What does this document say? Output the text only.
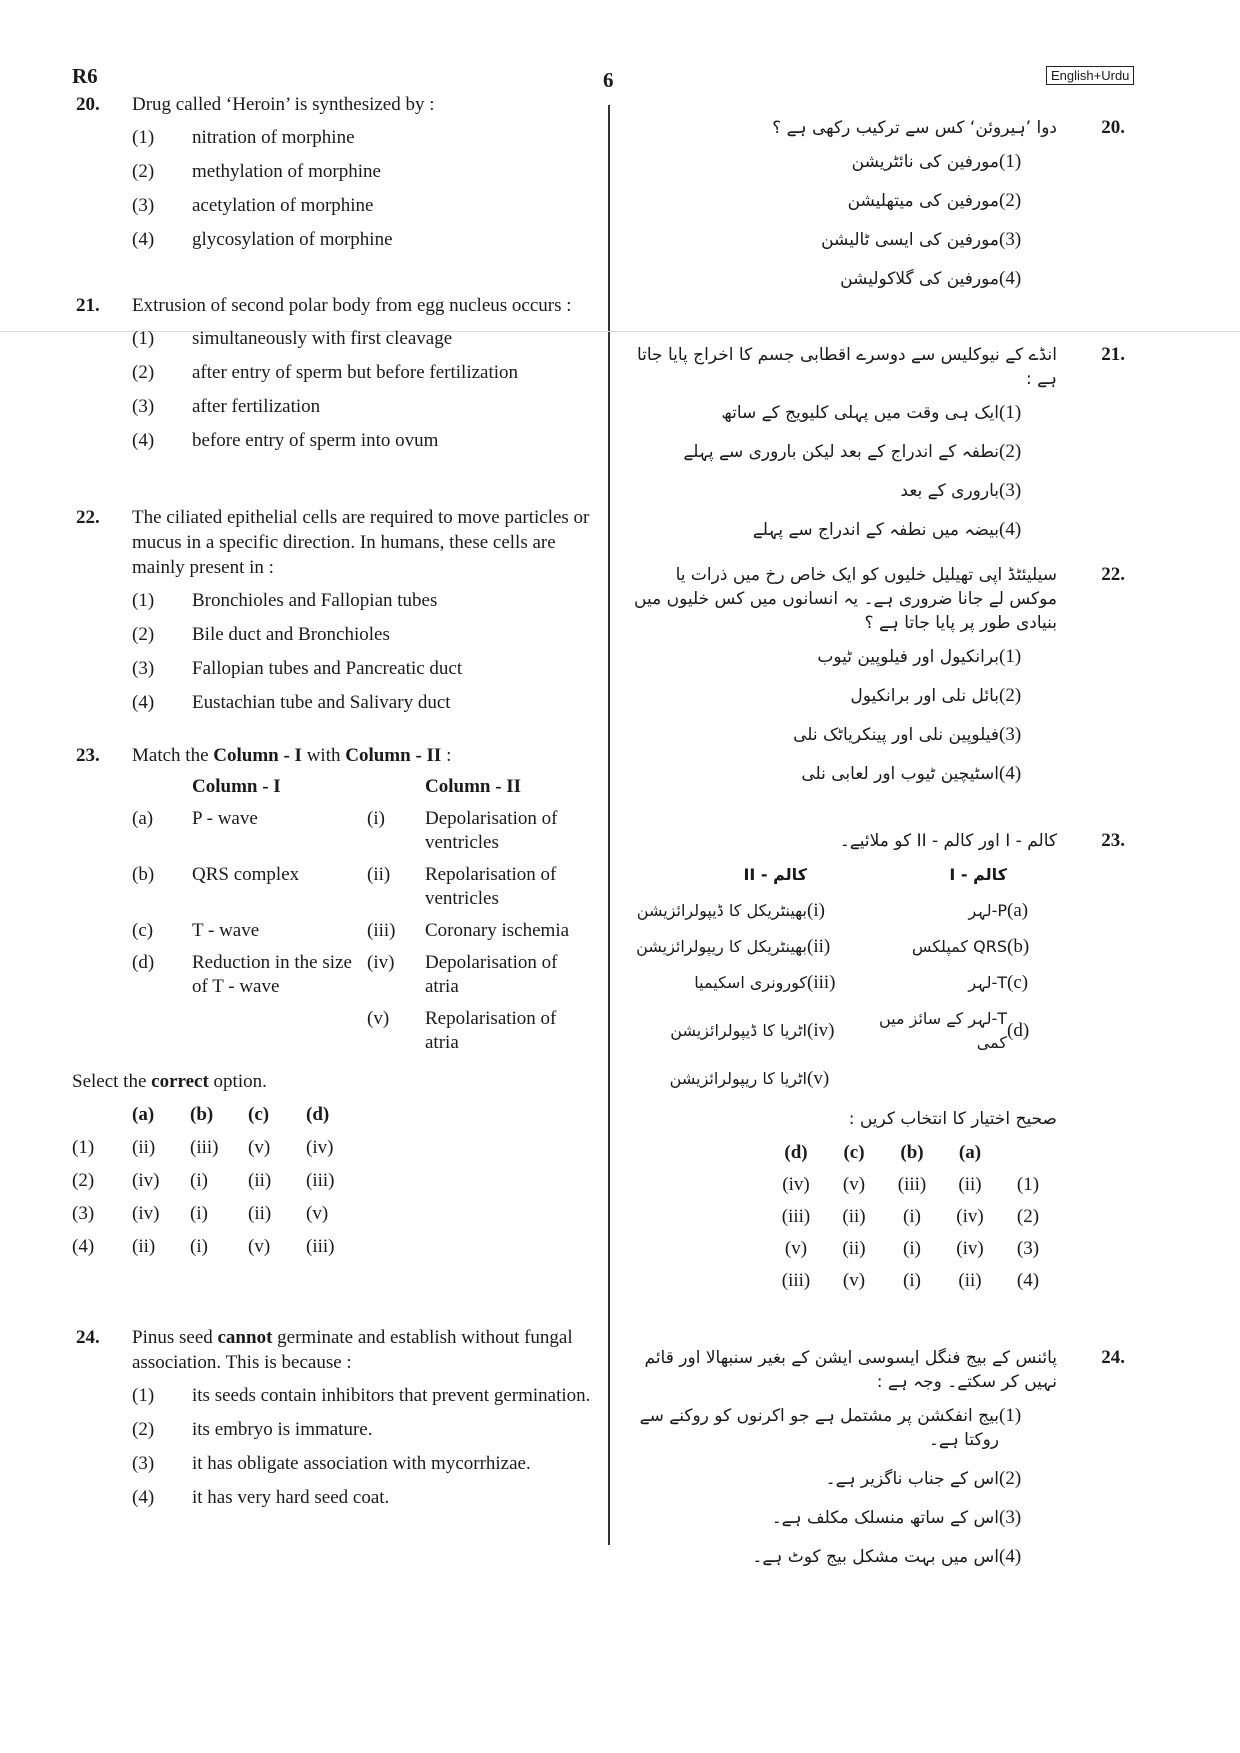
R6	6	English+Urdu
20. Drug called ‘Heroin’ is synthesized by :
(1)	nitration of morphine
(2)	methylation of morphine
(3)	acetylation of morphine
(4)	glycosylation of morphine
21. Extrusion of second polar body from egg nucleus occurs :
(1)	simultaneously with first cleavage
(2)	after entry of sperm but before fertilization
(3)	after fertilization
(4)	before entry of sperm into ovum
22. The ciliated epithelial cells are required to move particles or mucus in a specific direction. In humans, these cells are mainly present in :
(1)	Bronchioles and Fallopian tubes
(2)	Bile duct and Bronchioles
(3)	Fallopian tubes and Pancreatic duct
(4)	Eustachian tube and Salivary duct
23. Match the Column - I with Column - II :
	Column - I		Column - II
(a)	P - wave	(i)	Depolarisation of ventricles
(b)	QRS complex	(ii)	Repolarisation of ventricles
(c)	T - wave	(iii)	Coronary ischemia
(d)	Reduction in the size of T - wave	(iv)	Depolarisation of atria
		(v)	Repolarisation of atria
Select the correct option.
	(a)	(b)	(c)	(d)
(1)	(ii)	(iii)	(v)	(iv)
(2)	(iv)	(i)	(ii)	(iii)
(3)	(iv)	(i)	(ii)	(v)
(4)	(ii)	(i)	(v)	(iii)
24. Pinus seed cannot germinate and establish without fungal association. This is because :
(1)	its seeds contain inhibitors that prevent germination.
(2)	its embryo is immature.
(3)	it has obligate association with mycorrhizae.
(4)	it has very hard seed coat.
20.
دوا ’ہیروئن‘ کس سے ترکیب رکھی ہے ؟
(1)
مورفین کی نائٹریشن
(2)
مورفین کی میتھلیشن
(3)
مورفین کی ایسی ٹالیشن
(4)
مورفین کی گلاکولیشن
21.
انڈے کے نیوکلیس سے دوسرے اقطابی جسم کا اخراج پایا جاتا ہے :
(1)
ایک ہی وقت میں پہلی کلیویج کے ساتھ
(2)
نطفہ کے اندراج کے بعد لیکن باروری سے پہلے
(3)
باروری کے بعد
(4)
بیضہ میں نطفہ کے اندراج سے پہلے
22.
سیلیئٹڈ اپی تھیلیل خلیوں کو ایک خاص رخ میں ذرات یا موکس لے جانا ضروری ہے۔ یہ انسانوں میں کس خلیوں میں بنیادی طور پر پایا جاتا ہے ؟
(1)
برانکیول اور فیلوپین ٹیوب
(2)
بائل نلی اور برانکیول
(3)
فیلوپین نلی اور پینکریاٹک نلی
(4)
اسٹیچین ٹیوب اور لعابی نلی
23.
کالم - I اور کالم - II کو ملائیے۔
	کالم - I		کالم - II
(a)	P-لہر	(i)	بھینٹریکل کا ڈیپولرائزیشن
(b)	QRS کمپلکس	(ii)	بھینٹریکل کا ریپولرائزیشن
(c)	T-لہر	(iii)	کورونری اسکیمیا
(d)	T-لہر کے سائز میں کمی	(iv)	اٹریا کا ڈیپولرائزیشن
		(v)	اٹریا کا ریپولرائزیشن
صحیح اختیار کا انتخاب کریں :
	(a)	(b)	(c)	(d)
(1)	(ii)	(iii)	(v)	(iv)
(2)	(iv)	(i)	(ii)	(iii)
(3)	(iv)	(i)	(ii)	(v)
(4)	(ii)	(i)	(v)	(iii)
24.
پائنس کے بیج فنگل ایسوسی ایشن کے بغیر سنبھالا اور قائم نہیں کر سکتے۔ وجہ ہے :
(1)
بیج انفکشن پر مشتمل ہے جو اکرنوں کو روکنے سے روکتا ہے۔
(2)
اس کے جناب ناگزیر ہے۔
(3)
اس کے ساتھ منسلک مکلف ہے۔
(4)
اس میں بہت مشکل بیج کوٹ ہے۔
